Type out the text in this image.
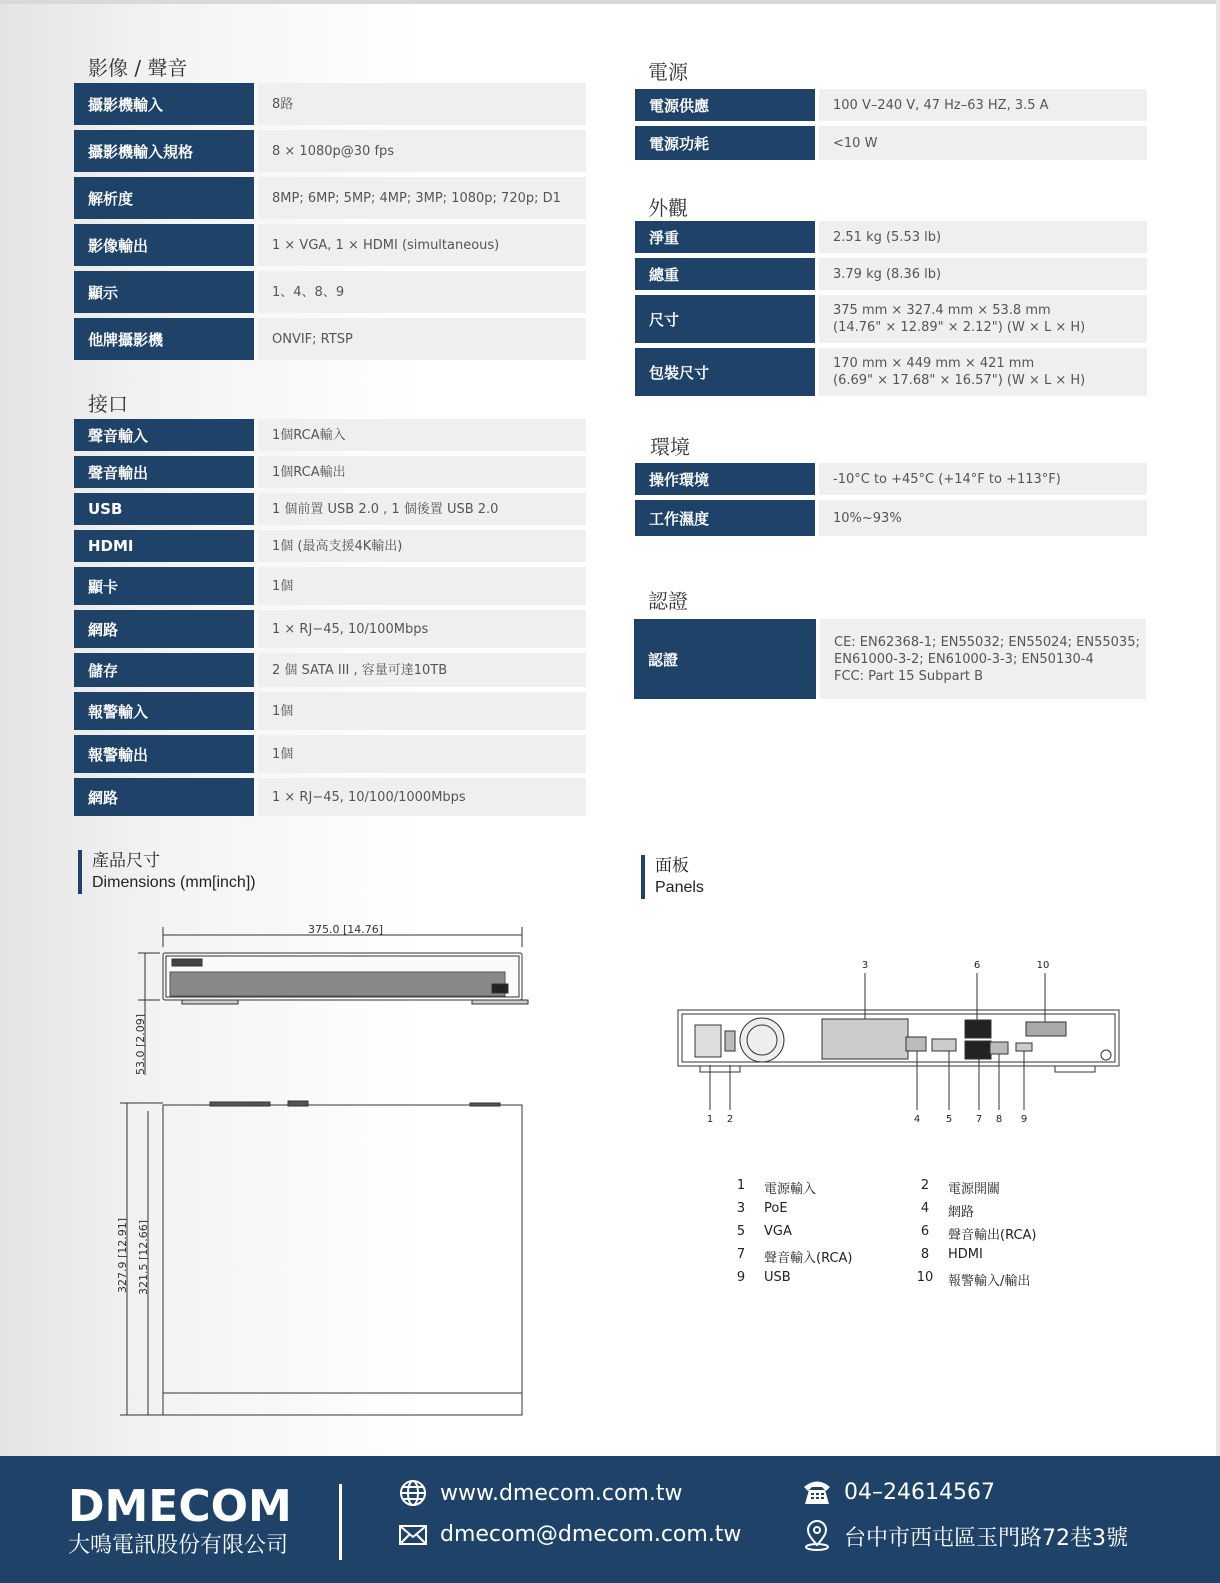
影像 / 聲音
攝影機輸入		8路

攝影機輸入規格		8 × 1080p@30 fps

解析度		8MP; 6MP; 5MP; 4MP; 3MP; 1080p; 720p; D1

影像輸出		1 × VGA, 1 × HDMI (simultaneous)

顯示		1、4、8、9

他牌攝影機		ONVIF; RTSP
接口
聲音輸入		1個RCA輸入

聲音輸出		1個RCA輸出

USB		1 個前置 USB 2.0 , 1 個後置 USB 2.0

HDMI		1個 (最高支援4K輸出)

顯卡		1個

網路		1 × RJ−45, 10/100Mbps

儲存		2 個 SATA III , 容量可達10TB

報警輸入		1個

報警輸出		1個

網路		1 × RJ−45, 10/100/1000Mbps
電源
電源供應		100 V–240 V, 47 Hz–63 HZ, 3.5 A

電源功耗		<10 W
外觀
淨重		2.51 kg (5.53 lb)

總重		3.79 kg (8.36 lb)

尺寸		375 mm × 327.4 mm × 53.8 mm
(14.76" × 12.89" × 2.12") (W × L × H)

包裝尺寸		170 mm × 449 mm × 421 mm
(6.69" × 17.68" × 16.57") (W × L × H)
環境
操作環境		-10°C to +45°C (+14°F to +113°F)

工作濕度		10%~93%
認證
認證		
CE: EN62368-1; EN55032; EN55024; EN55035;
EN61000-3-2; EN61000-3-3; EN50130-4
FCC: Part 15 Subpart B
產品尺寸
Dimensions (mm[inch])
面板
Panels
375.0 [14.76]
53.0 [2.09]
327.9 [12.91] 321.5 [12.66]
3	6	10
1 2	4	5 7 8 9
1	電源輸入	2	電源開關
3	PoE	4	網路
5	VGA	6	聲音輸出(RCA)
7	聲音輸入(RCA)	8	HDMI
9	USB	10	報警輸入/輸出
DMECOM
大鳴電訊股份有限公司
www.dmecom.com.tw
dmecom@dmecom.com.tw
04–24614567
台中市西屯區玉門路72巷3號
